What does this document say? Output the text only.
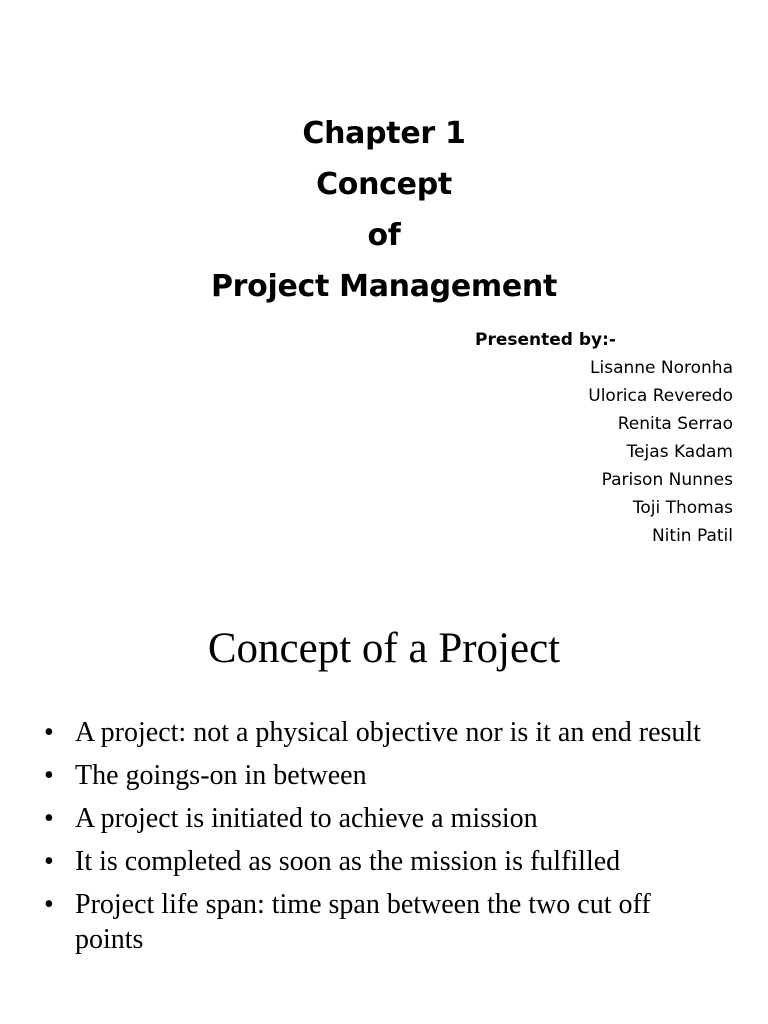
Chapter 1
Concept
of
Project Management
Presented by:-
Lisanne Noronha
Ulorica Reveredo
Renita Serrao
Tejas Kadam
Parison Nunnes
Toji Thomas
Nitin Patil
Concept of a Project
• A project: not a physical objective nor is it an end result
• The goings-on in between
• A project is initiated to achieve a mission
• It is completed as soon as the mission is fulfilled
• Project life span: time span between the two cut off points
